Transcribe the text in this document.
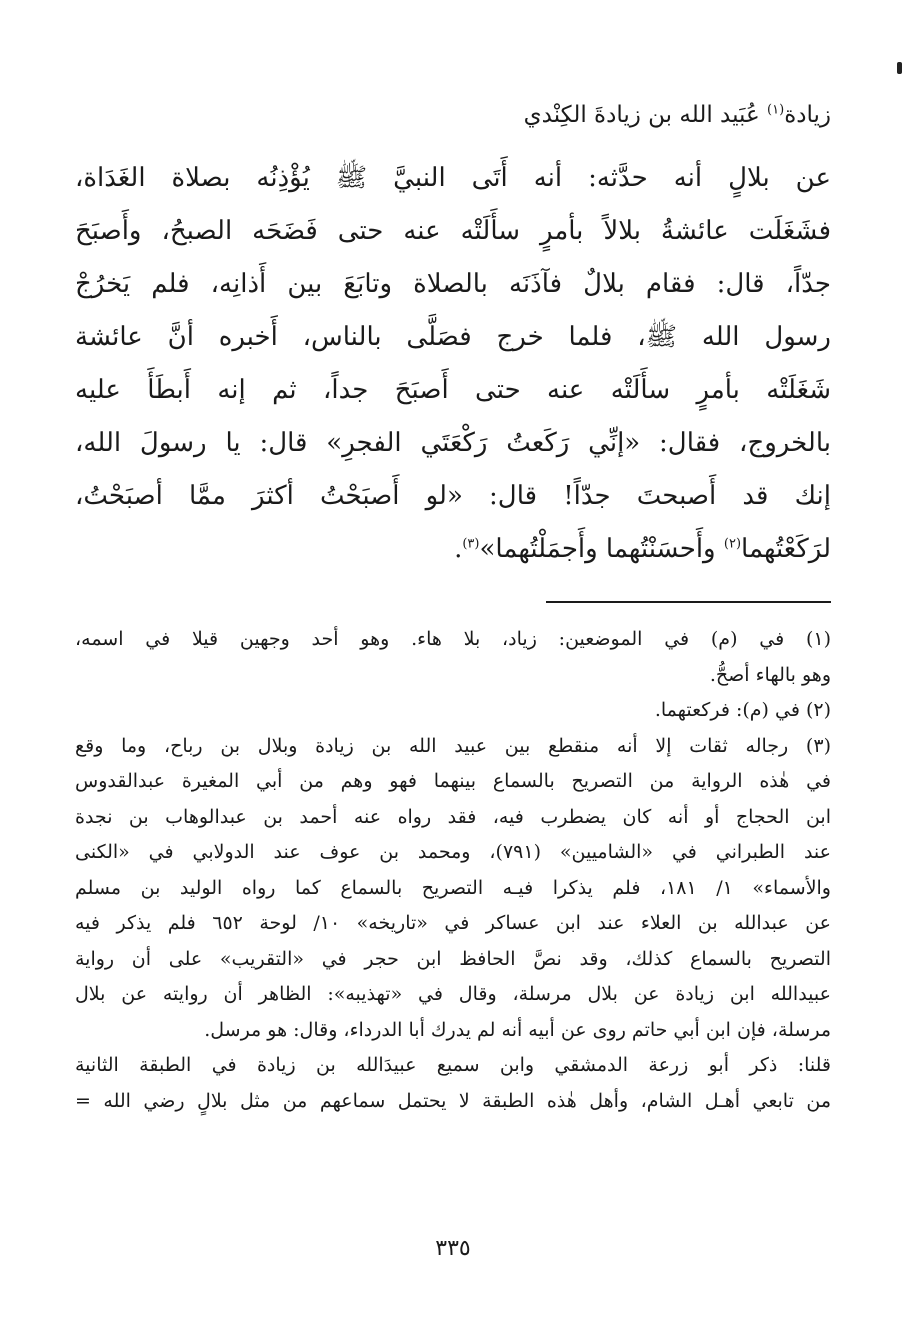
زيادة$^{(١)}$ عُبَيد الله بن زيادةَ الكِنْدي
عن بلالٍ أنه حدَّثه: أنه أَتَى النبيَّ ﷺ يُؤْذِنُه بصلاة الغَدَاة،
فشَغَلَت عائشةُ بلالاً بأمرٍ سأَلَتْه عنه حتى فَضَحَه الصبحُ، وأَصبَحَ
جدّاً، قال: فقام بلالٌ فآذَنَه بالصلاة وتابَعَ بين أَذانِه، فلم يَخرُجْ
رسول الله ﷺ، فلما خرج فصَلَّى بالناس، أَخبره أنَّ عائشة
شَغَلَتْه بأمرٍ سأَلَتْه عنه حتى أَصبَحَ جداً، ثم إنه أَبطَأَ عليه
بالخروج، فقال: «إنِّي رَكَعتُ رَكْعَتَي الفجرِ» قال: يا رسولَ الله،
إنك قد أَصبحتَ جدّاً! قال: «لو أَصبَحْتُ أكثرَ ممَّا أصبَحْتُ،
لرَكَعْتُهما$^{(٢)}$ وأَحسَنْتُهما وأَجمَلْتُهما»$^{(٣)}$.
(١) في (م) في الموضعين: زياد، بلا هاء. وهو أحد وجهين قيلا في اسمه،
وهو بالهاء أصحُّ.
(٢) في (م): فركعتهما.
(٣) رجاله ثقات إلا أنه منقطع بين عبيد الله بن زيادة وبلال بن رباح، وما وقع
في هٰذه الرواية من التصريح بالسماع بينهما فهو وهم من أبي المغيرة عبدالقدوس
ابن الحجاج أو أنه كان يضطرب فيه، فقد رواه عنه أحمد بن عبدالوهاب بن نجدة
عند الطبراني في «الشاميين» (٧٩١)، ومحمد بن عوف عند الدولابي في «الكنى
والأسماء» ١/ ١٨١، فلم يذكرا فيـه التصريح بالسماع كما رواه الوليد بن مسلم
عن عبدالله بن العلاء عند ابن عساكر في «تاريخه» ١٠/ لوحة ٦٥٢ فلم يذكر فيه
التصريح بالسماع كذلك، وقد نصَّ الحافظ ابن حجر في «التقريب» على أن رواية
عبيدالله ابن زيادة عن بلال مرسلة، وقال في «تهذيبه»: الظاهر أن روايته عن بلال
مرسلة، فإن ابن أبي حاتم روى عن أبيه أنه لم يدرك أبا الدرداء، وقال: هو مرسل.
قلنا: ذكر أبو زرعة الدمشقي وابن سميع عبيدَالله بن زيادة في الطبقة الثانية
من تابعي أهـل الشام، وأهل هٰذه الطبقة لا يحتمل سماعهم من مثل بلالٍ رضي الله =
٣٣٥
